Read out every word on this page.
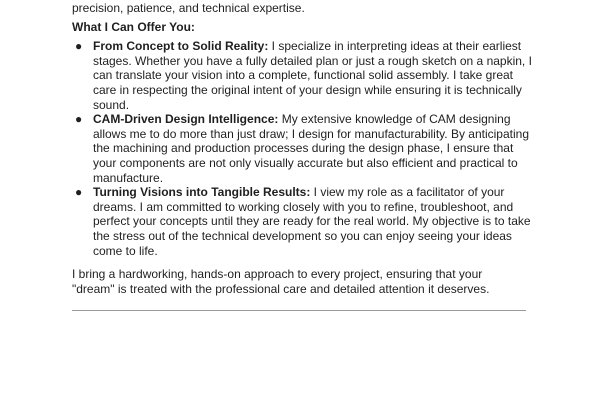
precision, patience, and technical expertise.

What I Can Offer You:

● From Concept to Solid Reality: I specialize in interpreting ideas at their earliest stages. Whether you have a fully detailed plan or just a rough sketch on a napkin, I can translate your vision into a complete, functional solid assembly. I take great care in respecting the original intent of your design while ensuring it is technically sound.
● CAM-Driven Design Intelligence: My extensive knowledge of CAM designing allows me to do more than just draw; I design for manufacturability. By anticipating the machining and production processes during the design phase, I ensure that your components are not only visually accurate but also efficient and practical to manufacture.
● Turning Visions into Tangible Results: I view my role as a facilitator of your dreams. I am committed to working closely with you to refine, troubleshoot, and perfect your concepts until they are ready for the real world. My objective is to take the stress out of the technical development so you can enjoy seeing your ideas come to life.

I bring a hardworking, hands-on approach to every project, ensuring that your "dream" is treated with the professional care and detailed attention it deserves.
